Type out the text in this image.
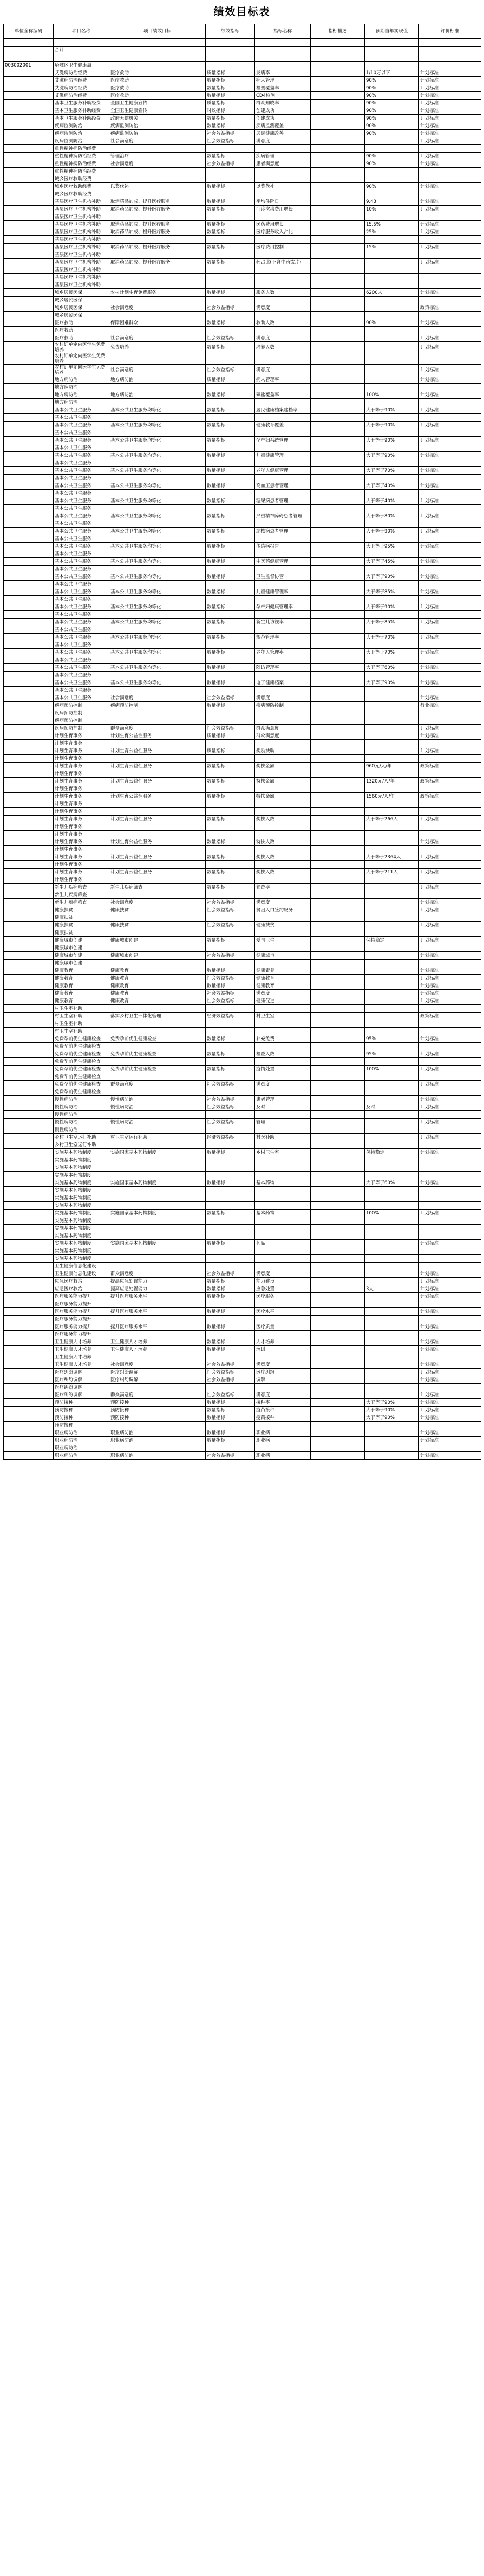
绩效目标表
单位全称编码	项目名称	项目绩效目标	绩效指标	指标名称	指标描述	预期当年实现值	评价标准

	合计						

003002001	塔城区卫生健康局						
	艾滋病防治经费	医疗救助	质量指标	发病率		1/10万以下	计划标准
	艾滋病防治经费	医疗救助	数量指标	病人管理		90%	计划标准
	艾滋病防治经费	医疗救助	数量指标	检测覆盖率		90%	计划标准
	艾滋病防治经费	医疗救助	数量指标	CD4检测		90%	计划标准
	基本卫生服务补助经费	全国卫生健康宣传	质量指标	群众知晓率		90%	计划标准
	基本卫生服务补助经费	全国卫生健康宣传	时效指标	创建成功		90%	计划标准
	基本卫生服务补助经费	政府无偿机关	数量指标	创建成功		90%	计划标准
	疾病监测防治	疾病监测防治	数量指标	疾病监测覆盖		90%	计划标准
	疾病监测防治	疾病监测防治	社会效益指标	居民健康改善		90%	计划标准
	疾病监测防治	社会满意度	社会效益指标	满意度			计划标准
	重性精神病防治经费						
	重性精神病防治经费	管理治疗	数量指标	疾病管理		90%	计划标准
	重性精神病防治经费	社会满意度	社会效益指标	患者满意度		90%	计划标准
	重性精神病防治经费						
	城乡医疗救助经费						
	城乡医疗救助经费	以奖代补	数量指标	以奖代补		90%	计划标准
	城乡医疗救助经费						
	基层医疗卫生机构补助	取消药品加成、提升医疗服务	数量指标	平均住院日		9.43	计划标准
	基层医疗卫生机构补助	取消药品加成、提升医疗服务	数量指标	门诊次均费用增长		10%	计划标准
	基层医疗卫生机构补助						
	基层医疗卫生机构补助	取消药品加成、提升医疗服务	数量指标	医药费用增长		15.5%	计划标准
	基层医疗卫生机构补助	取消药品加成、提升医疗服务	数量指标	医疗服务收入占比		25%	计划标准
	基层医疗卫生机构补助						
	基层医疗卫生机构补助	取消药品加成、提升医疗服务	数量指标	医疗费用控制		15%	计划标准
	基层医疗卫生机构补助						
	基层医疗卫生机构补助	取消药品加成、提升医疗服务	数量指标	药占比(不含中药饮片)			计划标准
	基层医疗卫生机构补助						
	基层医疗卫生机构补助						
	基层医疗卫生机构补助						
	城乡居民医保	农村计划生育免费服务	数量指标	服务人数		6200人	计划标准
	城乡居民医保						
	城乡居民医保	社会满意度	社会效益指标	满意度			政策标准
	城乡居民医保						
	医疗救助	保障困难群众	数量指标	救助人数		90%	计划标准
	医疗救助						
	医疗救助	社会满意度	社会效益指标	满意度			计划标准
	农村订单定向医学生免费培养	免费培养	数量指标	培养人数			计划标准
	农村订单定向医学生免费培养						
	农村订单定向医学生免费培养	社会满意度	社会效益指标	满意度			计划标准
	地方病防治	地方病防治	质量指标	病人管理率			计划标准
	地方病防治						
	地方病防治	地方病防治	数量指标	碘盐覆盖率		100%	计划标准
	地方病防治						
	基本公共卫生服务	基本公共卫生服务均等化	数量指标	居民健康档案建档率		大于等于90%	计划标准
	基本公共卫生服务						
	基本公共卫生服务	基本公共卫生服务均等化	数量指标	健康教育覆盖		大于等于90%	计划标准
	基本公共卫生服务						
	基本公共卫生服务	基本公共卫生服务均等化	数量指标	孕产妇系统管理		大于等于90%	计划标准
	基本公共卫生服务						
	基本公共卫生服务	基本公共卫生服务均等化	数量指标	儿童健康管理		大于等于90%	计划标准
	基本公共卫生服务						
	基本公共卫生服务	基本公共卫生服务均等化	数量指标	老年人健康管理		大于等于70%	计划标准
	基本公共卫生服务						
	基本公共卫生服务	基本公共卫生服务均等化	数量指标	高血压患者管理		大于等于40%	计划标准
	基本公共卫生服务						
	基本公共卫生服务	基本公共卫生服务均等化	数量指标	糖尿病患者管理		大于等于40%	计划标准
	基本公共卫生服务						
	基本公共卫生服务	基本公共卫生服务均等化	数量指标	严重精神障碍患者管理		大于等于80%	计划标准
	基本公共卫生服务						
	基本公共卫生服务	基本公共卫生服务均等化	数量指标	结核病患者管理		大于等于90%	计划标准
	基本公共卫生服务						
	基本公共卫生服务	基本公共卫生服务均等化	数量指标	传染病报告		大于等于95%	计划标准
	基本公共卫生服务						
	基本公共卫生服务	基本公共卫生服务均等化	数量指标	中医药健康管理		大于等于45%	计划标准
	基本公共卫生服务						
	基本公共卫生服务	基本公共卫生服务均等化	数量指标	卫生监督协管		大于等于90%	计划标准
	基本公共卫生服务						
	基本公共卫生服务	基本公共卫生服务均等化	数量指标	儿童健康管理率		大于等于85%	计划标准
	基本公共卫生服务						
	基本公共卫生服务	基本公共卫生服务均等化	数量指标	孕产妇健康管理率		大于等于90%	计划标准
	基本公共卫生服务						
	基本公共卫生服务	基本公共卫生服务均等化	数量指标	新生儿访视率		大于等于85%	计划标准
	基本公共卫生服务						
	基本公共卫生服务	基本公共卫生服务均等化	数量指标	规范管理率		大于等于70%	计划标准
	基本公共卫生服务						
	基本公共卫生服务	基本公共卫生服务均等化	数量指标	老年人管理率		大于等于70%	计划标准
	基本公共卫生服务						
	基本公共卫生服务	基本公共卫生服务均等化	数量指标	随访管理率		大于等于60%	计划标准
	基本公共卫生服务						
	基本公共卫生服务	基本公共卫生服务均等化	数量指标	电子健康档案		大于等于90%	计划标准
	基本公共卫生服务						
	基本公共卫生服务	社会满意度	社会效益指标	满意度			计划标准
	疾病预防控制	疾病预防控制	数量指标	疾病预防控制			行业标准
	疾病预防控制						
	疾病预防控制						
	疾病预防控制	群众满意度	社会效益指标	群众满意度			计划标准
	计划生育事务	计划生育公益性服务	质量指标	群众满意度			计划标准
	计划生育事务						
	计划生育事务	计划生育公益性服务	质量指标	奖励扶助			计划标准
	计划生育事务						
	计划生育事务	计划生育公益性服务	数量指标	奖扶金额		960元/人/年	政策标准
	计划生育事务						
	计划生育事务	计划生育公益性服务	数量指标	特扶金额		1320元/人/年	政策标准
	计划生育事务						
	计划生育事务	计划生育公益性服务	数量指标	特扶金额		1560元/人/年	政策标准
	计划生育事务						
	计划生育事务						
	计划生育事务	计划生育公益性服务	数量指标	奖扶人数		大于等于266人	计划标准
	计划生育事务						
	计划生育事务						
	计划生育事务	计划生育公益性服务	数量指标	特扶人数			计划标准
	计划生育事务						
	计划生育事务	计划生育公益性服务	数量指标	奖扶人数		大于等于2364人	计划标准
	计划生育事务						
	计划生育事务	计划生育公益性服务	数量指标	奖扶人数		大于等于211人	计划标准
	计划生育事务						
	新生儿疾病筛查	新生儿疾病筛查	数量指标	筛查率			计划标准
	新生儿疾病筛查						
	新生儿疾病筛查	社会满意度	社会效益指标	满意度			计划标准
	健康扶贫	健康扶贫	社会效益指标	贫困人口签约服务			计划标准
	健康扶贫						
	健康扶贫	健康扶贫	社会效益指标	健康扶贫			计划标准
	健康扶贫						
	健康城市创建	健康城市创建	数量指标	爱国卫生		保持稳定	计划标准
	健康城市创建						
	健康城市创建	健康城市创建	社会效益指标	健康城市			计划标准
	健康城市创建						
	健康教育	健康教育	数量指标	健康素养			计划标准
	健康教育	健康教育	社会效益指标	健康教育			计划标准
	健康教育	健康教育	数量指标	健康教育			计划标准
	健康教育	健康教育	社会效益指标	满意度			计划标准
	健康教育	健康教育	社会效益指标	健康促进			计划标准
	村卫生室补助						
	村卫生室补助	落实乡村卫生一体化管理	经济效益指标	村卫生室			政策标准
	村卫生室补助						
	村卫生室补助						
	免费孕前优生健康检查	免费孕前优生健康检查	数量指标	补充免费		95%	计划标准
	免费孕前优生健康检查						
	免费孕前优生健康检查	免费孕前优生健康检查	数量指标	检查人数		95%	计划标准
	免费孕前优生健康检查						
	免费孕前优生健康检查	免费孕前优生健康检查	数量指标	疫情处置		100%	计划标准
	免费孕前优生健康检查						
	免费孕前优生健康检查	群众满意度	社会效益指标	满意度			计划标准
	免费孕前优生健康检查						
	慢性病防治	慢性病防治	社会效益指标	患者管理			计划标准
	慢性病防治	慢性病防治	社会效益指标	及时		及时	计划标准
	慢性病防治						
	慢性病防治	慢性病防治	社会效益指标	管理			计划标准
	慢性病防治						
	乡村卫生室运行补助	村卫生室运行补助	经济效益指标	村医补助			计划标准
	乡村卫生室运行补助						
	实施基本药物制度	实施国家基本药物制度	数量指标	乡村卫生室		保持稳定	计划标准
	实施基本药物制度						
	实施基本药物制度						
	实施基本药物制度						
	实施基本药物制度	实施国家基本药物制度	数量指标	基本药物		大于等于60%	计划标准
	实施基本药物制度						
	实施基本药物制度						
	实施基本药物制度						
	实施基本药物制度	实施国家基本药物制度	数量指标	基本药物		100%	计划标准
	实施基本药物制度						
	实施基本药物制度						
	实施基本药物制度						
	实施基本药物制度	实施国家基本药物制度	数量指标	药品			计划标准
	实施基本药物制度						
	实施基本药物制度						
	卫生健康信息化建设						
	卫生健康信息化建设	群众满意度	社会效益指标	满意度			计划标准
	应急医疗救治	提高应急处置能力	数量指标	能力建设			计划标准
	应急医疗救治	提高应急处置能力	数量指标	应急处置		3人	计划标准
	医疗服务能力提升	提升医疗服务水平	数量指标	医疗服务			计划标准
	医疗服务能力提升						
	医疗服务能力提升	提升医疗服务水平	数量指标	医疗水平			计划标准
	医疗服务能力提升						
	医疗服务能力提升	提升医疗服务水平	数量指标	医疗质量			计划标准
	医疗服务能力提升						
	卫生健康人才培养	卫生健康人才培养	数量指标	人才培养			计划标准
	卫生健康人才培养	卫生健康人才培养	数量指标	培训			计划标准
	卫生健康人才培养						
	卫生健康人才培养	社会满意度	社会效益指标	满意度			计划标准
	医疗纠纷调解	医疗纠纷调解	社会效益指标	医疗纠纷			计划标准
	医疗纠纷调解	医疗纠纷调解	社会效益指标	调解			计划标准
	医疗纠纷调解						
	医疗纠纷调解	群众满意度	社会效益指标	满意度			计划标准
	预防接种	预防接种	数量指标	接种率		大于等于90%	计划标准
	预防接种	预防接种	数量指标	疫苗接种		大于等于90%	计划标准
	预防接种	预防接种	数量指标	疫苗接种		大于等于90%	计划标准
	预防接种						
	职业病防治	职业病防治	数量指标	职业病			计划标准
	职业病防治	职业病防治	数量指标	职业病			计划标准
	职业病防治						
	职业病防治	职业病防治	社会效益指标	职业病			计划标准
